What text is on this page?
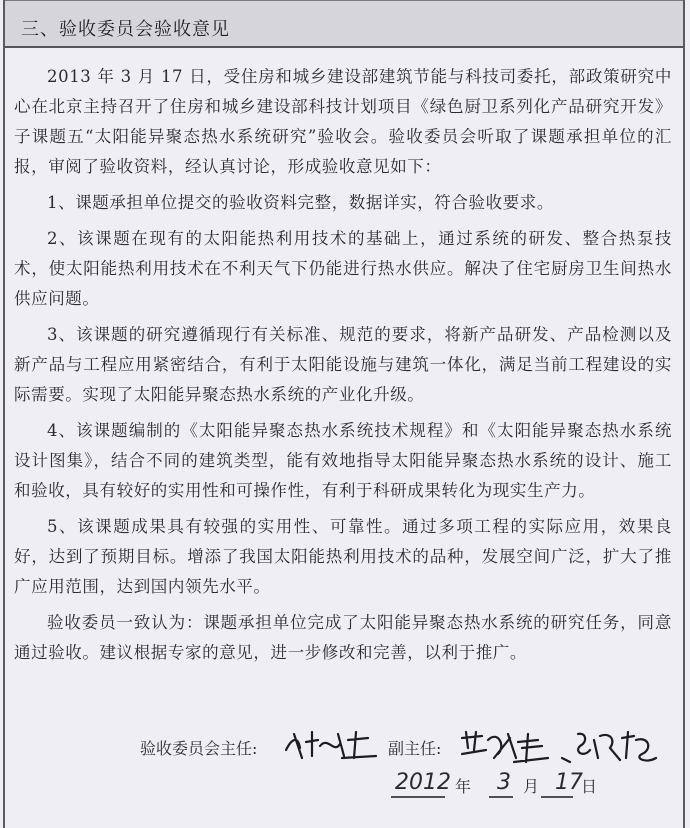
三、验收委员会验收意见

2013 年 3 月 17 日，受住房和城乡建设部建筑节能与科技司委托，部政策研究中心在北京主持召开了住房和城乡建设部科技计划项目《绿色厨卫系列化产品研究开发》子课题五“太阳能异聚态热水系统研究”验收会。验收委员会听取了课题承担单位的汇报，审阅了验收资料，经认真讨论，形成验收意见如下：

1、课题承担单位提交的验收资料完整，数据详实，符合验收要求。

2、该课题在现有的太阳能热利用技术的基础上，通过系统的研发、整合热泵技术，使太阳能热利用技术在不利天气下仍能进行热水供应。解决了住宅厨房卫生间热水供应问题。

3、该课题的研究遵循现行有关标准、规范的要求，将新产品研发、产品检测以及新产品与工程应用紧密结合，有利于太阳能设施与建筑一体化，满足当前工程建设的实际需要。实现了太阳能异聚态热水系统的产业化升级。

4、该课题编制的《太阳能异聚态热水系统技术规程》和《太阳能异聚态热水系统设计图集》，结合不同的建筑类型，能有效地指导太阳能异聚态热水系统的设计、施工和验收，具有较好的实用性和可操作性，有利于科研成果转化为现实生产力。

5、该课题成果具有较强的实用性、可靠性。通过多项工程的实际应用，效果良好，达到了预期目标。增添了我国太阳能热利用技术的品种，发展空间广泛，扩大了推广应用范围，达到国内领先水平。

验收委员一致认为：课题承担单位完成了太阳能异聚态热水系统的研究任务，同意通过验收。建议根据专家的意见，进一步修改和完善，以利于推广。

验收委员会主任:	副主任:
2012 年 3 月 17
日
